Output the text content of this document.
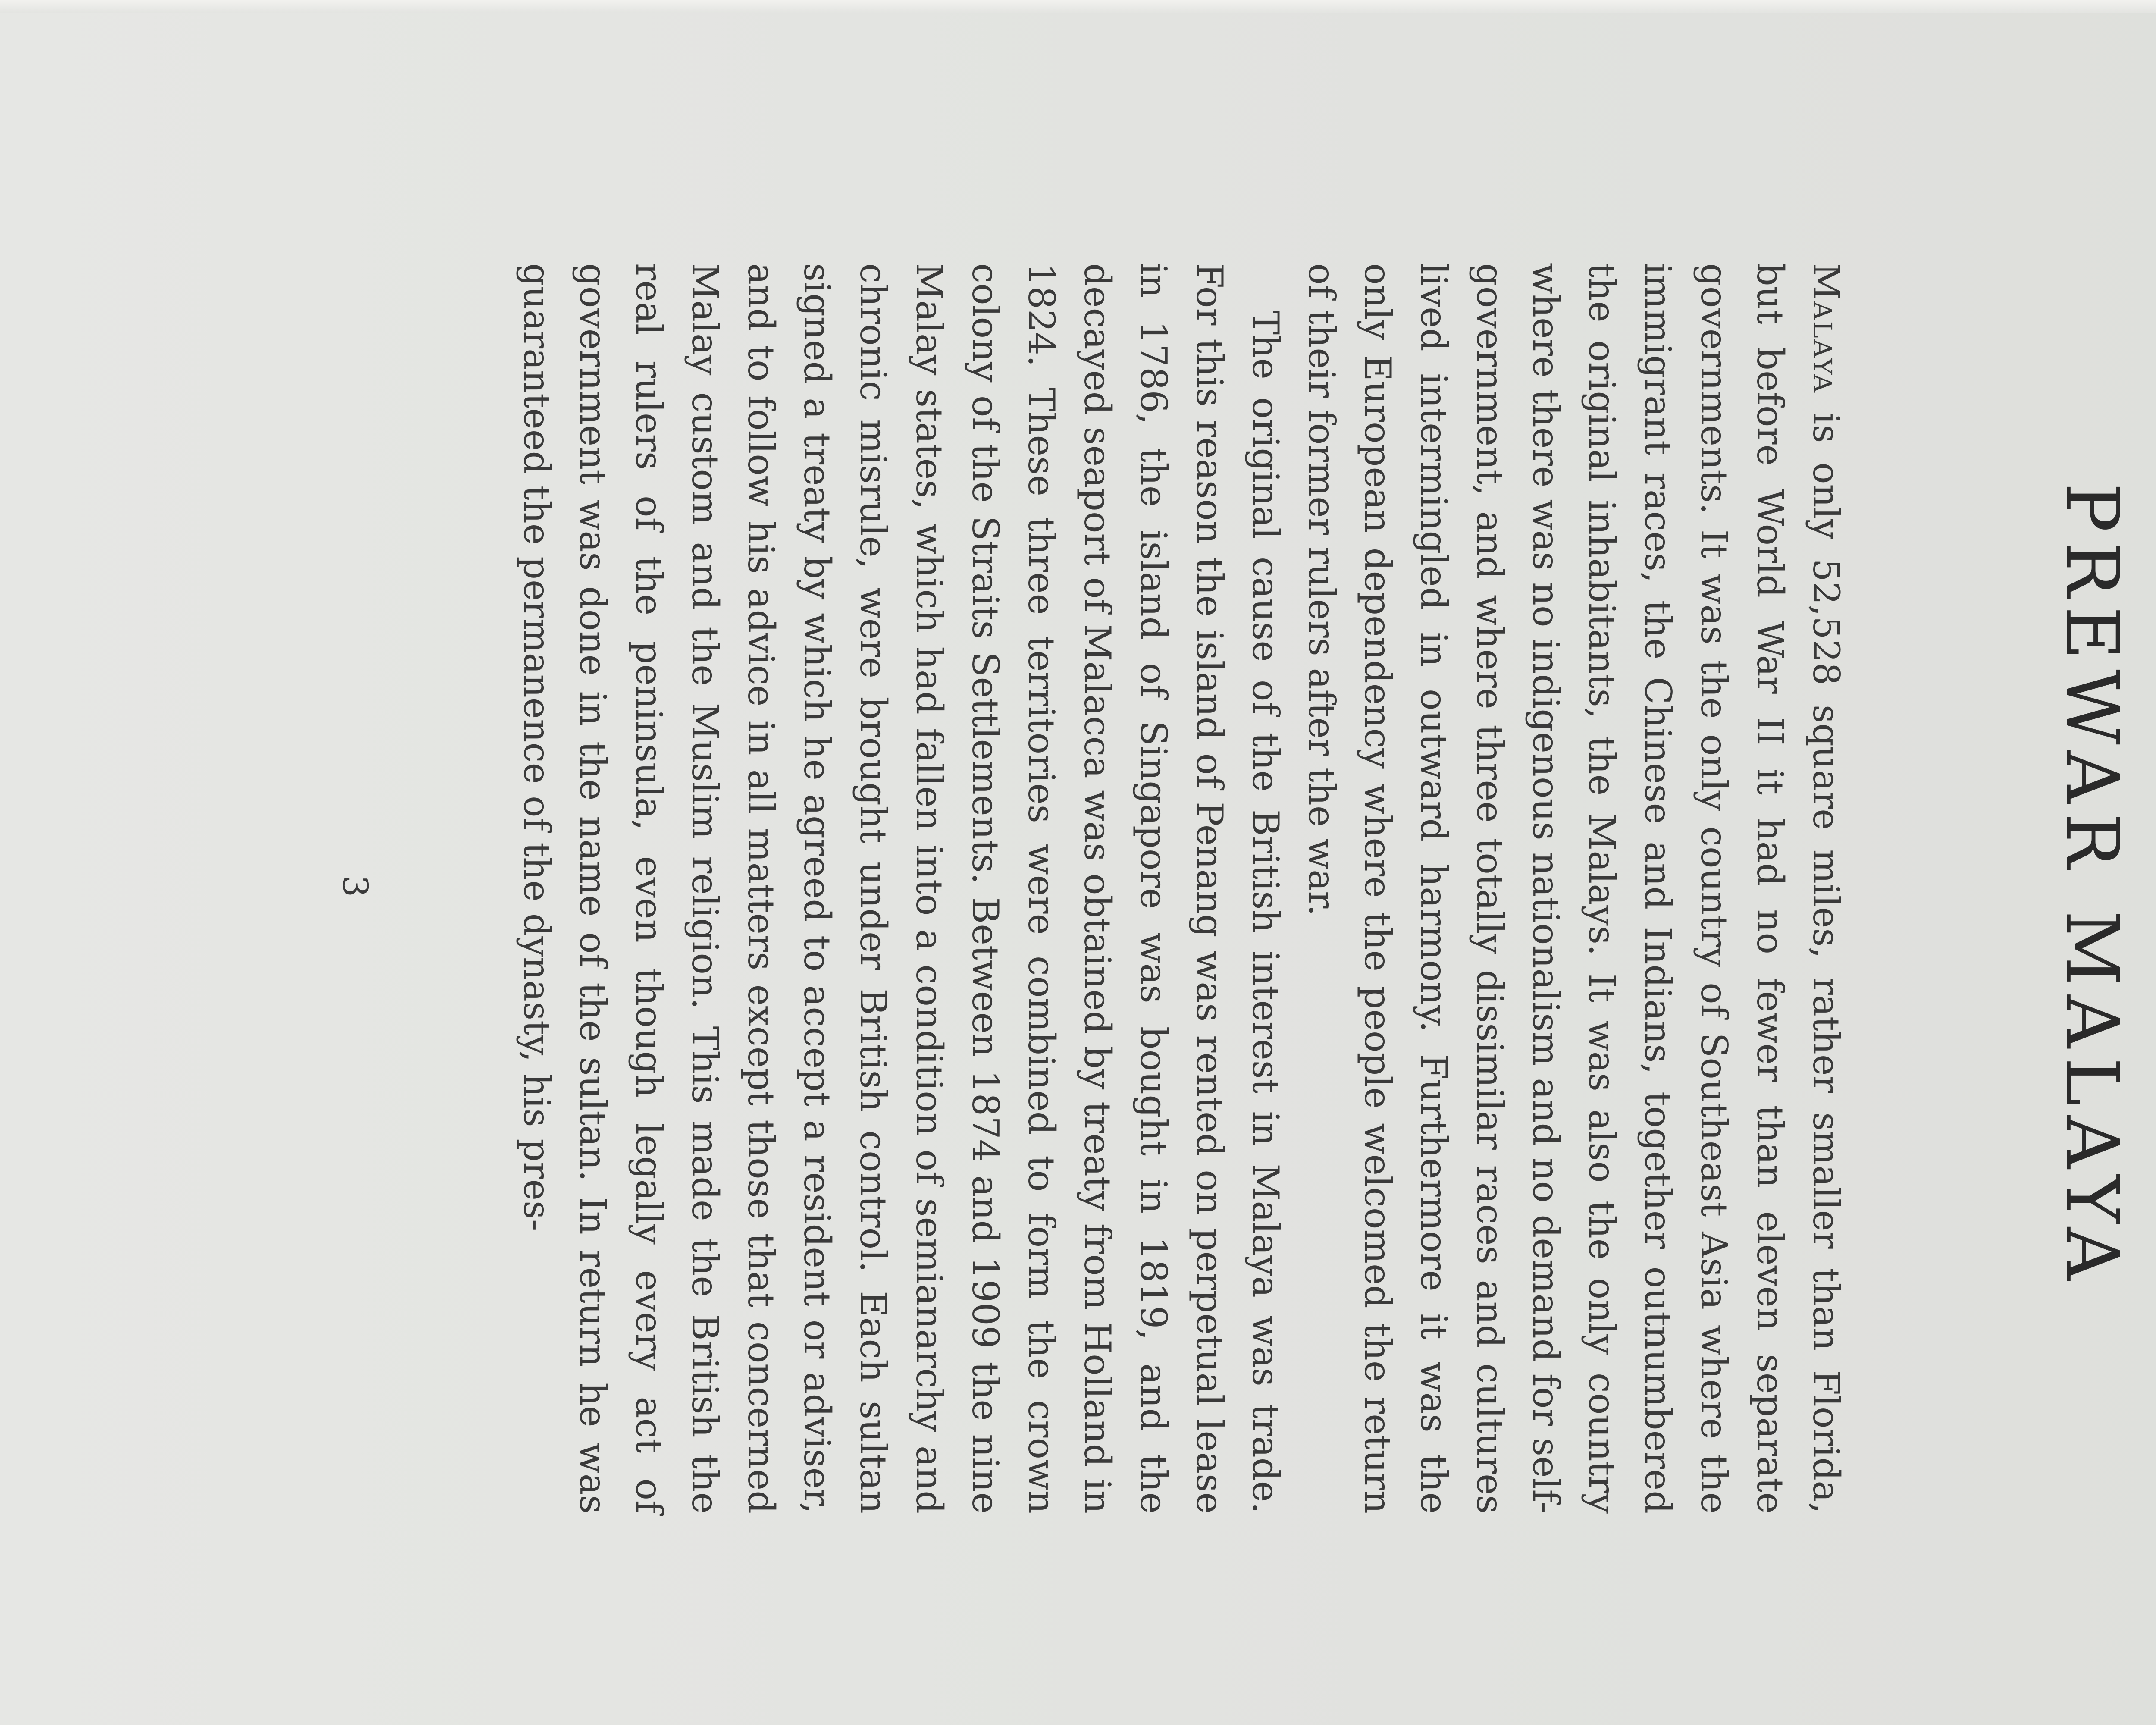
PREWAR MALAYA

Malaya is only 52,528 square miles, rather smaller than Florida, but before World War II it had no fewer than eleven separate governments. It was the only country of Southeast Asia where the immigrant races, the Chinese and Indians, together outnumbered the original inhabitants, the Malays. It was also the only country where there was no indigenous nationalism and no demand for self-government, and where three totally dissimilar races and cultures lived intermingled in outward harmony. Furthermore it was the only European dependency where the people welcomed the return of their former rulers after the war.

The original cause of the British interest in Malaya was trade. For this reason the island of Penang was rented on perpetual lease in 1786, the island of Singapore was bought in 1819, and the decayed seaport of Malacca was obtained by treaty from Holland in 1824. These three territories were combined to form the crown colony of the Straits Settlements. Between 1874 and 1909 the nine Malay states, which had fallen into a condition of semianarchy and chronic misrule, were brought under British control. Each sultan signed a treaty by which he agreed to accept a resident or adviser, and to follow his advice in all matters except those that concerned Malay custom and the Muslim religion. This made the British the real rulers of the peninsula, even though legally every act of government was done in the name of the sultan. In return he was guaranteed the permanence of the dynasty, his pres-

3
